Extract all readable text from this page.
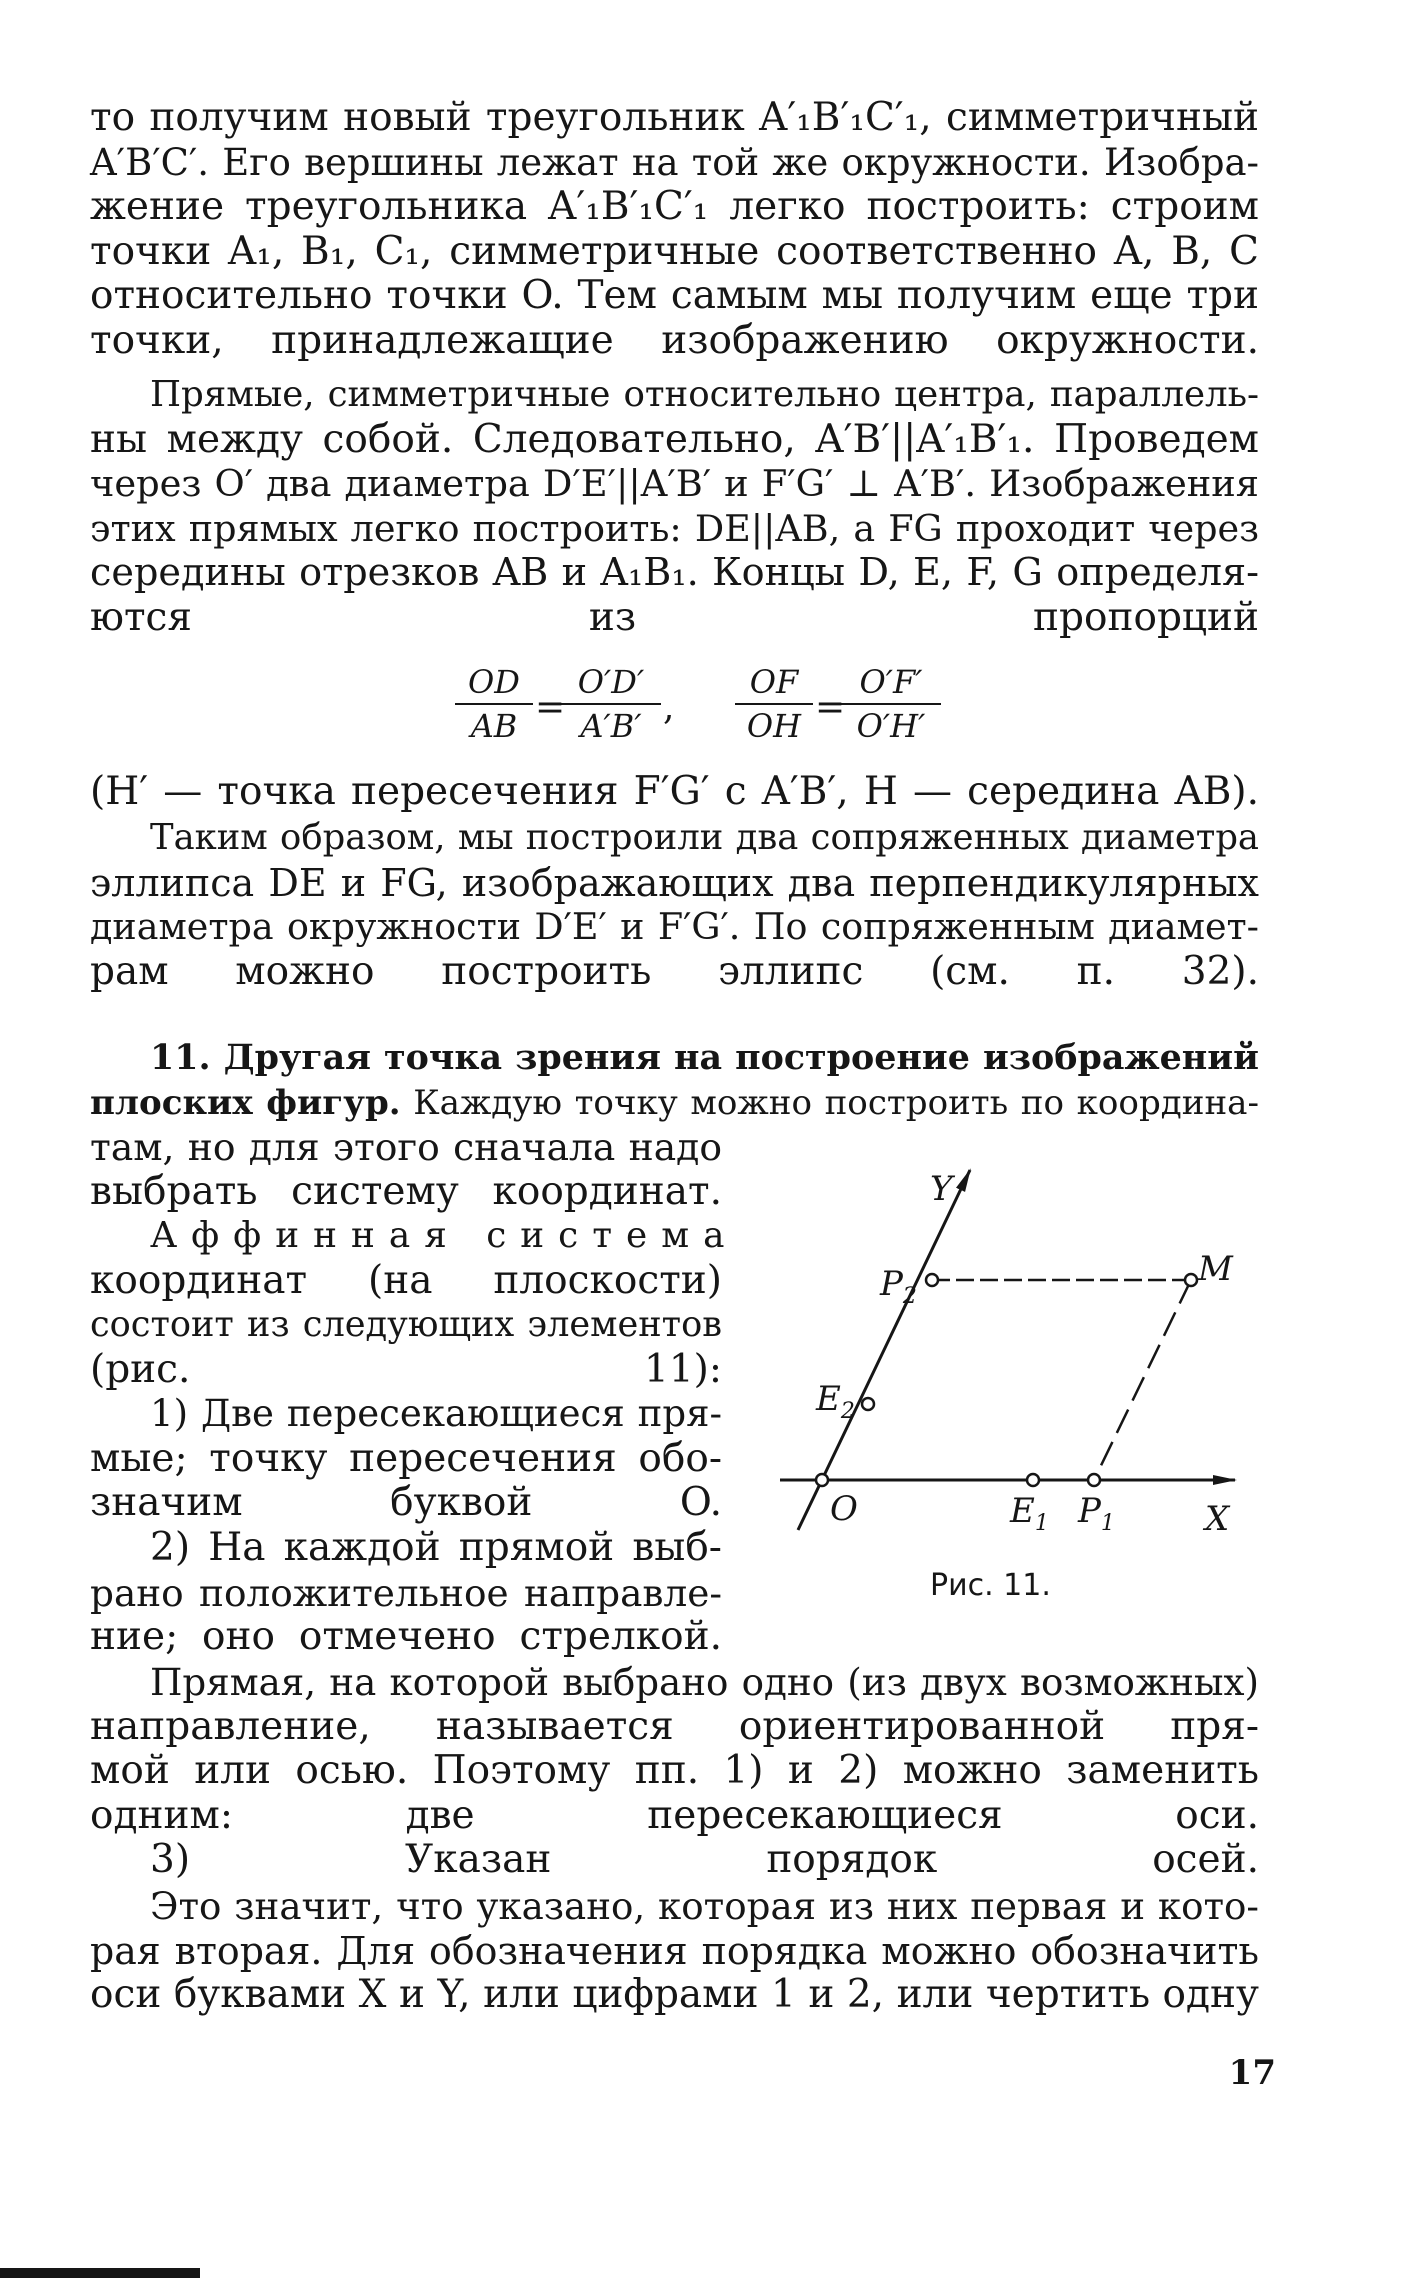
то получим новый треугольник A′₁B′₁C′₁, симметричный
A′B′C′. Его вершины лежат на той же окружности. Изобра-
жение треугольника A′₁B′₁C′₁ легко построить: строим
точки A₁, B₁, C₁, симметричные соответственно A, B, C
относительно точки O. Тем самым мы получим еще три
точки, принадлежащие изображению окружности.
Прямые, симметричные относительно центра, параллель-
ны между собой. Следовательно, A′B′||A′₁B′₁. Проведем
через O′ два диаметра D′E′||A′B′ и F′G′ ⊥ A′B′. Изображения
этих прямых легко построить: DE||AB, а FG проходит через
середины отрезков AB и A₁B₁. Концы D, E, F, G определя-
ются из пропорций
$\frac{OD}{AB}$ =
$\frac{O'D'}{A'B'}$ , $\frac{OF}{OH}$ =
$\frac{O'F'}{O'H'}$
(H′ — точка пересечения F′G′ с A′B′, H — середина AB).
Таким образом, мы построили два сопряженных диаметра
эллипса DE и FG, изображающих два перпендикулярных
диаметра окружности D′E′ и F′G′. По сопряженным диамет-
рам можно построить эллипс (см. п. 32).
11. Другая точка зрения на построение изображений
плоских фигур. Каждую точку можно построить по координа-
там, но для этого сначала надо
выбрать систему координат.
Аффинная система
координат (на плоскости)
состоит из следующих элементов
(рис. 11):
1) Две пересекающиеся пря-
мые; точку пересечения обо-
значим буквой O.
2) На каждой прямой выб-
рано положительное направле-
ние; оно отмечено стрелкой.
Y
X
O
M
$P_2$
$E_2$
$E_1$ $P_1$
Рис. 11.
Прямая, на которой выбрано одно (из двух возможных)
направление, называется ориентированной пря-
мой или осью. Поэтому пп. 1) и 2) можно заменить
одним: две пересекающиеся оси.
3) Указан порядок осей.
Это значит, что указано, которая из них первая и кото-
рая вторая. Для обозначения порядка можно обозначить
оси буквами X и Y, или цифрами 1 и 2, или чертить одну
17
